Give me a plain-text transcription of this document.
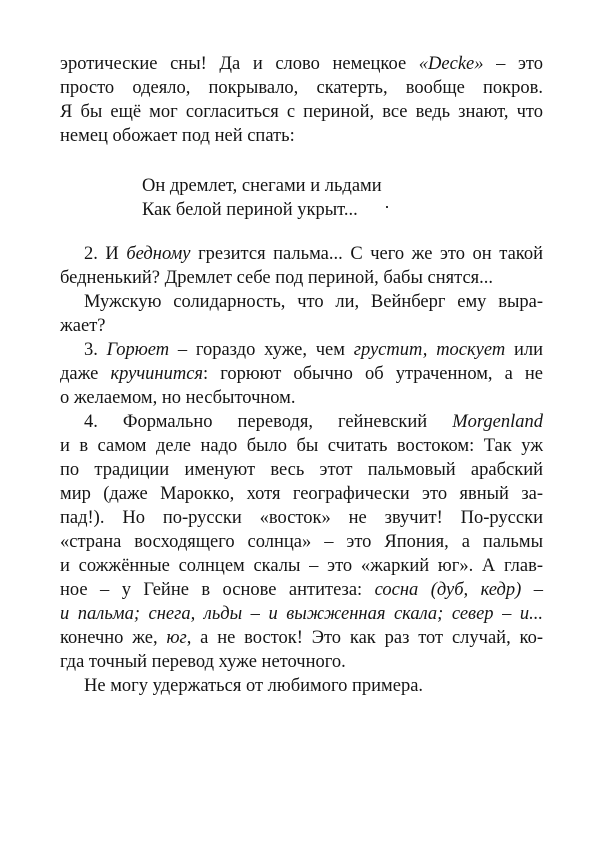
эротические сны! Да и слово немецкое «Decke» – это
просто одеяло, покрывало, скатерть, вообще покров.
Я бы ещё мог согласиться с периной, все ведь знают, что
немец обожает под ней спать:
Он дремлет, снегами и льдами
Как белой периной укрыт...
2. И бедному грезится пальма... С чего же это он такой
бедненький? Дремлет себе под периной, бабы снятся...
Мужскую солидарность, что ли, Вейнберг ему выра-
жает?
3. Горюет – гораздо хуже, чем грустит, тоскует или
даже кручинится: горюют обычно об утраченном, а не
о желаемом, но несбыточном.
4. Формально переводя, гейневский Morgenland
и в самом деле надо было бы считать востоком: Так уж
по традиции именуют весь этот пальмовый арабский
мир (даже Марокко, хотя географически это явный за-
пад!). Но по-русски «восток» не звучит! По-русски
«страна восходящего солнца» – это Япония, а пальмы
и сожжённые солнцем скалы – это «жаркий юг». А глав-
ное – у Гейне в основе антитеза: сосна (дуб, кедр) –
и пальма; снега, льды – и выжженная скала; север – и...
конечно же, юг, а не восток! Это как раз тот случай, ко-
гда точный перевод хуже неточного.
Не могу удержаться от любимого примера.
